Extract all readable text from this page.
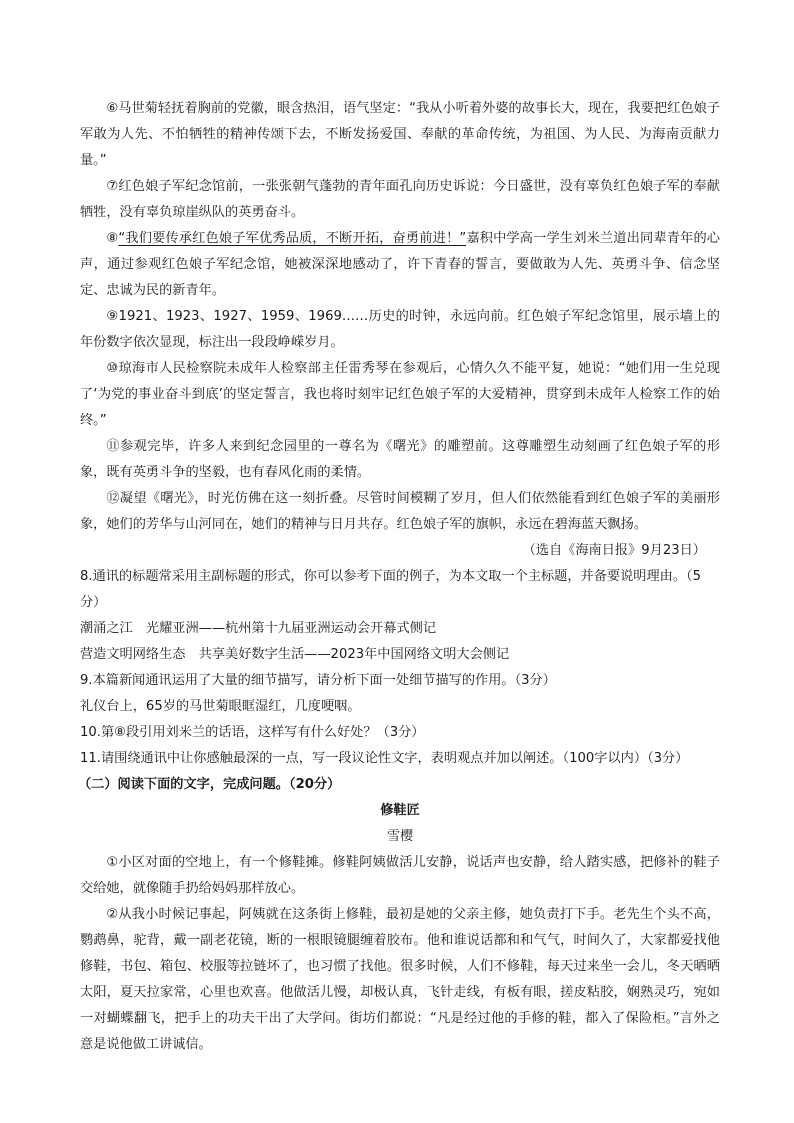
⑥马世菊轻抚着胸前的党徽，眼含热泪，语气坚定：“我从小听着外婆的故事长大，现在，我要把红色娘子军敢为人先、不怕牺牲的精神传颂下去，不断发扬爱国、奉献的革命传统，为祖国、为人民、为海南贡献力量。”

⑦红色娘子军纪念馆前，一张张朝气蓬勃的青年面孔向历史诉说：今日盛世，没有辜负红色娘子军的奉献牺牲，没有辜负琼崖纵队的英勇奋斗。

⑧“我们要传承红色娘子军优秀品质，不断开拓，奋勇前进！”嘉积中学高一学生刘米兰道出同辈青年的心声，通过参观红色娘子军纪念馆，她被深深地感动了，许下青春的誓言，要做敢为人先、英勇斗争、信念坚定、忠诚为民的新青年。

⑨1921、1923、1927、1959、1969……历史的时钟，永远向前。红色娘子军纪念馆里，展示墙上的年份数字依次显现，标注出一段段峥嵘岁月。

⑩琼海市人民检察院未成年人检察部主任雷秀琴在参观后，心情久久不能平复，她说：“她们用一生兑现了‘为党的事业奋斗到底’的坚定誓言，我也将时刻牢记红色娘子军的大爱精神，贯穿到未成年人检察工作的始终。”

⑪参观完毕，许多人来到纪念园里的一尊名为《曙光》的雕塑前。这尊雕塑生动刻画了红色娘子军的形象，既有英勇斗争的坚毅，也有春风化雨的柔情。

⑫凝望《曙光》，时光仿佛在这一刻折叠。尽管时间模糊了岁月，但人们依然能看到红色娘子军的美丽形象，她们的芳华与山河同在，她们的精神与日月共存。红色娘子军的旗帜，永远在碧海蓝天飘扬。

（选自《海南日报》9月23日）

8.通讯的标题常采用主副标题的形式，你可以参考下面的例子，为本文取一个主标题，并备要说明理由。（5分）

潮涌之江　光耀亚洲——杭州第十九届亚洲运动会开幕式侧记

营造文明网络生态　共享美好数字生活——2023年中国网络文明大会侧记

9.本篇新闻通讯运用了大量的细节描写，请分析下面一处细节描写的作用。（3分）

礼仪台上，65岁的马世菊眼眶湿红，几度哽咽。

10.第⑧段引用刘米兰的话语，这样写有什么好处？（3分）

11.请围绕通讯中让你感触最深的一点，写一段议论性文字，表明观点并加以阐述。（100字以内）（3分）

（二）阅读下面的文字，完成问题。（20分）

修鞋匠

雪樱

①小区对面的空地上，有一个修鞋摊。修鞋阿姨做活儿安静，说话声也安静，给人踏实感，把修补的鞋子交给她，就像随手扔给妈妈那样放心。

②从我小时候记事起，阿姨就在这条街上修鞋，最初是她的父亲主修，她负责打下手。老先生个头不高，鹦鹉鼻，驼背，戴一副老花镜，断的一根眼镜腿缠着胶布。他和谁说话都和和气气，时间久了，大家都爱找他修鞋，书包、箱包、校服等拉链坏了，也习惯了找他。很多时候，人们不修鞋，每天过来坐一会儿，冬天晒晒太阳，夏天拉家常，心里也欢喜。他做活儿慢，却极认真，飞针走线，有板有眼，搓皮粘胶，娴熟灵巧，宛如一对蝴蝶翻飞，把手上的功夫干出了大学问。街坊们都说：“凡是经过他的手修的鞋，都入了保险柜。”言外之意是说他做工讲诚信。
